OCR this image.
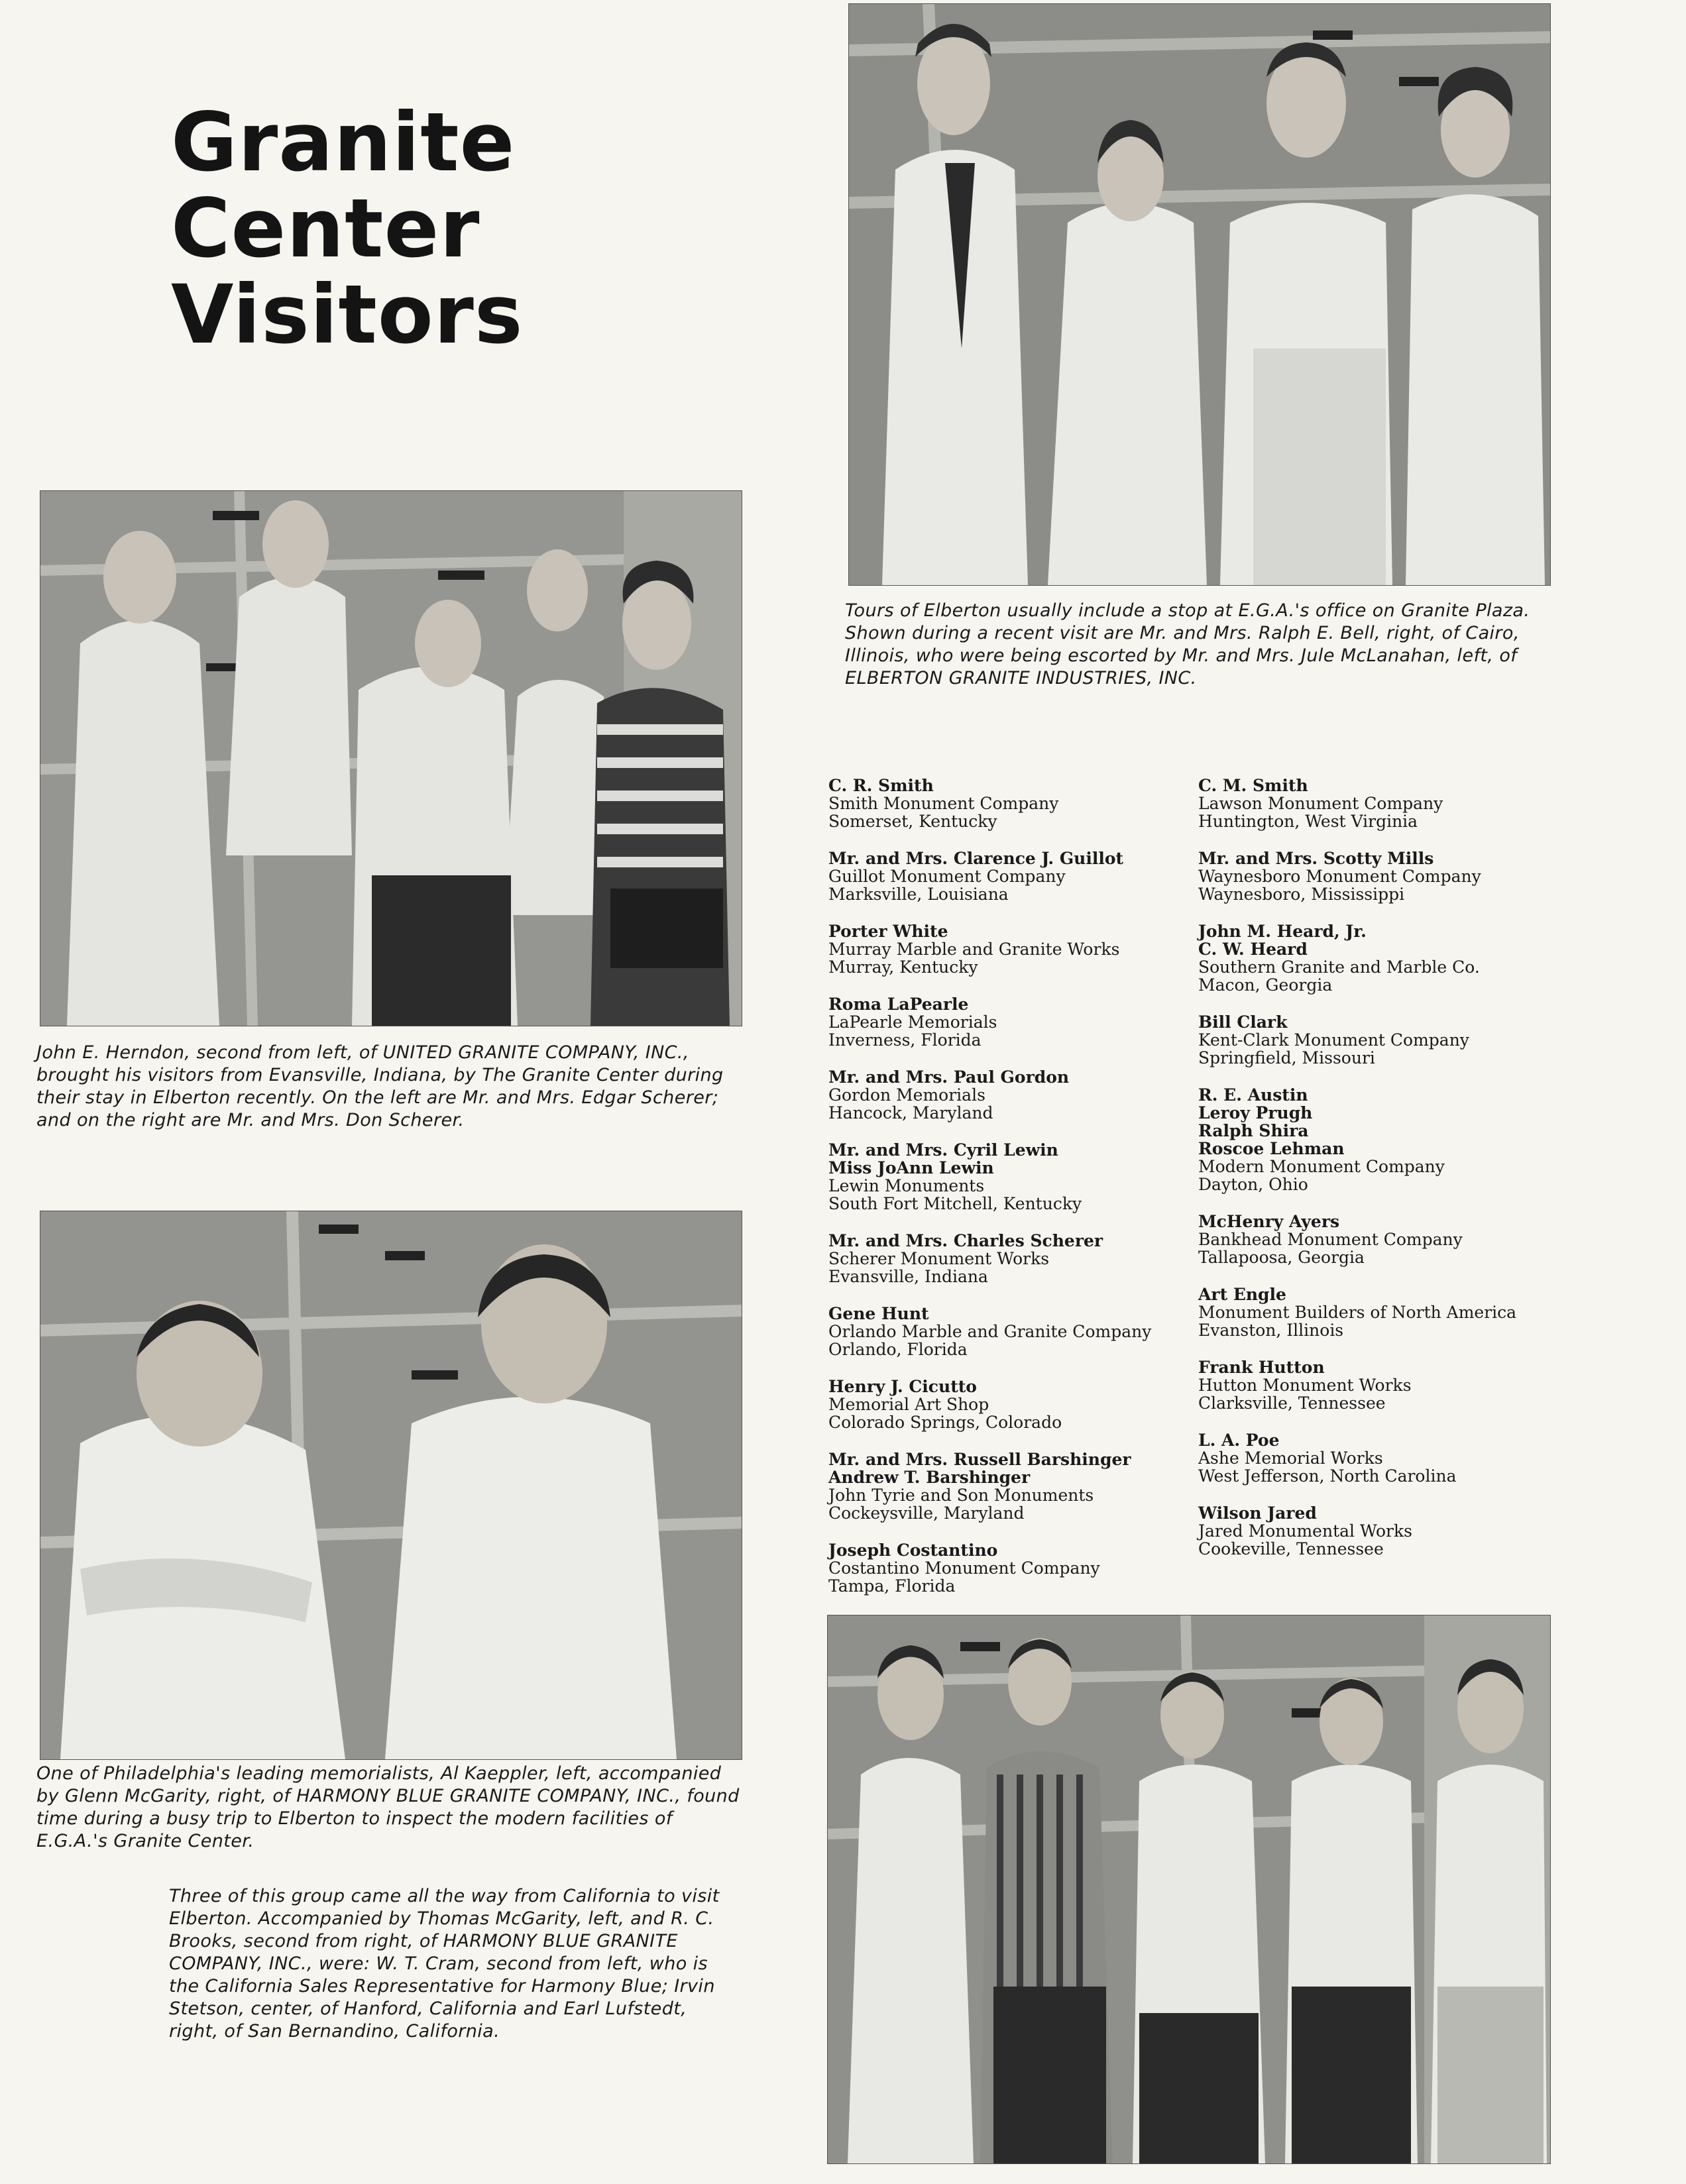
Granite
Center
Visitors

Tours of Elberton usually include a stop at E.G.A.'s office on Granite Plaza. Shown during a recent visit are Mr. and Mrs. Ralph E. Bell, right, of Cairo, Illinois, who were being escorted by Mr. and Mrs. Jule McLanahan, left, of ELBERTON GRANITE INDUSTRIES, INC.

John E. Herndon, second from left, of UNITED GRANITE COMPANY, INC., brought his visitors from Evansville, Indiana, by The Granite Center during their stay in Elberton recently. On the left are Mr. and Mrs. Edgar Scherer; and on the right are Mr. and Mrs. Don Scherer.

One of Philadelphia's leading memorialists, Al Kaeppler, left, accompanied by Glenn McGarity, right, of HARMONY BLUE GRANITE COMPANY, INC., found time during a busy trip to Elberton to inspect the modern facilities of E.G.A.'s Granite Center.

Three of this group came all the way from California to visit Elberton. Accompanied by Thomas McGarity, left, and R. C. Brooks, second from right, of HARMONY BLUE GRANITE COMPANY, INC., were: W. T. Cram, second from left, who is the California Sales Representative for Harmony Blue; Irvin Stetson, center, of Hanford, California and Earl Lufstedt, right, of San Bernandino, California.

C. R. Smith
Smith Monument Company
Somerset, Kentucky
Mr. and Mrs. Clarence J. Guillot
Guillot Monument Company
Marksville, Louisiana
Porter White
Murray Marble and Granite Works
Murray, Kentucky
Roma LaPearle
LaPearle Memorials
Inverness, Florida
Mr. and Mrs. Paul Gordon
Gordon Memorials
Hancock, Maryland
Mr. and Mrs. Cyril Lewin
Miss JoAnn Lewin
Lewin Monuments
South Fort Mitchell, Kentucky
Mr. and Mrs. Charles Scherer
Scherer Monument Works
Evansville, Indiana
Gene Hunt
Orlando Marble and Granite Company
Orlando, Florida
Henry J. Cicutto
Memorial Art Shop
Colorado Springs, Colorado
Mr. and Mrs. Russell Barshinger
Andrew T. Barshinger
John Tyrie and Son Monuments
Cockeysville, Maryland
Joseph Costantino
Costantino Monument Company
Tampa, Florida
C. M. Smith
Lawson Monument Company
Huntington, West Virginia
Mr. and Mrs. Scotty Mills
Waynesboro Monument Company
Waynesboro, Mississippi
John M. Heard, Jr.
C. W. Heard
Southern Granite and Marble Co.
Macon, Georgia
Bill Clark
Kent-Clark Monument Company
Springfield, Missouri
R. E. Austin
Leroy Prugh
Ralph Shira
Roscoe Lehman
Modern Monument Company
Dayton, Ohio
McHenry Ayers
Bankhead Monument Company
Tallapoosa, Georgia
Art Engle
Monument Builders of North America
Evanston, Illinois
Frank Hutton
Hutton Monument Works
Clarksville, Tennessee
L. A. Poe
Ashe Memorial Works
West Jefferson, North Carolina
Wilson Jared
Jared Monumental Works
Cookeville, Tennessee
